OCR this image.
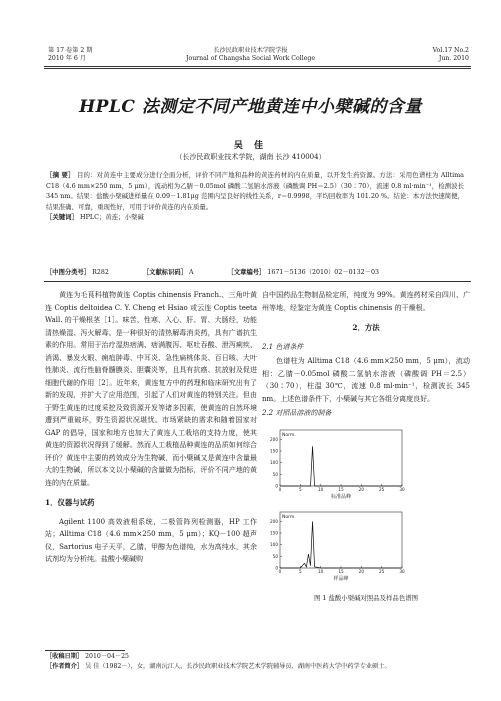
第 17 卷第 2 期
2010 年 6 月
长沙民政职业技术学院学报
Journal of Changsha Social Work College
Vol.17 No.2
Jun. 2010
HPLC 法测定不同产地黄连中小檗碱的含量
吴 佳
（长沙民政职业技术学院，湖南 长沙 410004）
［摘 要］ 目的：对黄连中主要成分进行全面分析，评价不同产地和品种的黄连药材的内在质量，以开发生药资源。方法：采用色谱柱为 Alltima C18（4.6 mm×250 mm，5 μm），流动相为乙腈－0.05mol 磷酸二氢钠水溶液（磷酸调 PH＝2.5）（30∶70），流速 0.8 ml·min⁻¹，检测波长 345 nm。结果：盐酸小檗碱进样量在 0.09－1.81μg 范围内呈良好的线性关系，r＝0.9998，平均回收率为 101.20 %。结论：本方法快速简便，结果准确、可靠，重现性好，可用于评价黄连的内在质量。
［关键词］ HPLC；黄连；小檗碱
［中图分类号］ R282	［文献标识码］ A	［文章编号］ 1671－5136（2010）02－0132－03

黄连为毛茛科植物黄连 Coptis chinensis Franch.、三角叶黄连 Coptis deltoidea C. Y. Cheng et Hsiao 或云连 Coptis teeta Wall. 的干燥根茎［1］。味苦、性寒、入心、肝、胃、大肠经，功能清热燥湿、泻火解毒。是一种很好的清热解毒消炎药，具有广谱抗生素的作用。常用于治疗湿热痞满、痞满腹泻、呕吐吞酸、泄泻痢疾、消渴、暴发火眼、痈疽肿毒、中耳炎、急性扁桃体炎、百日咳、大叶性肺炎、流行性脑脊髓膜炎、胆囊炎等，且具有抗癌、抗放射及促进细胞代谢的作用［2］。近年来，黄连复方中的药理和临床研究出有了新的发现，并扩大了应用范围，引起了人们对黄连的特别关注。但由于野生黄连的过度采挖及致资源开发等诸多因素，使黄连的自然环境遭到严重破坏，野生资源状况堪忧。市场紧缺的需求和随着国家对 GAP 的倡导，国家和地方也加大了黄连人工栽培的支持力度，使其黄连的资源状况得到了缓解。然而人工栽植品种黄连的品质如何综合评价？黄连中主要的药效成分为生物碱，而小檗碱又是黄连中含量最大的生物碱，所以本文以小檗碱的含量做为指标，评价不同产地的黄连的内在质量。

1．仪器与试药

Agilent 1100 高效液相系统，二极管阵列检测器，HP 工作站；Alltima C18（4.6 mm×250 mm，5 μm）；KQ－100 超声仪，Sartorius 电子天平，乙腈、甲醇为色谱纯，水为高纯水，其余试剂均为分析纯。盐酸小檗碱购

自中国药品生物制品检定所，纯度为 99%。黄连药材采自四川、广州等地，经鉴定为黄连 Coptis chinensis 的干燥根。

2．方法
2.1 色谱条件

色谱柱为 Alltima C18（4.6 mm×250 mm，5 μm），流动相：乙腈－0.05mol 磷酸二氢钠水溶液（磷酸调 PH＝2.5）（30∶70），柱温 30℃，流速 0.8 ml·min⁻¹，检测波长 345 nm。上述色谱条件下，小檗碱与其它各组分离度良好。

2.2 对照品溶液的制备
Norm.
0
50
100
150
200
0	5	10	15	20	25	30
标准品峰

Norm.
0
50
100
150
200
0	5	10	15	20	25	30
样品峰
图 1 盐酸小檗碱对照品及样品色谱图
［收稿日期］ 2010－04－25
［作者简介］ 吴 佳（1982－），女，湖南沅江人，长沙民政职业技术学院艺术学院辅导员、湖南中医药大学中药学专业硕士。
